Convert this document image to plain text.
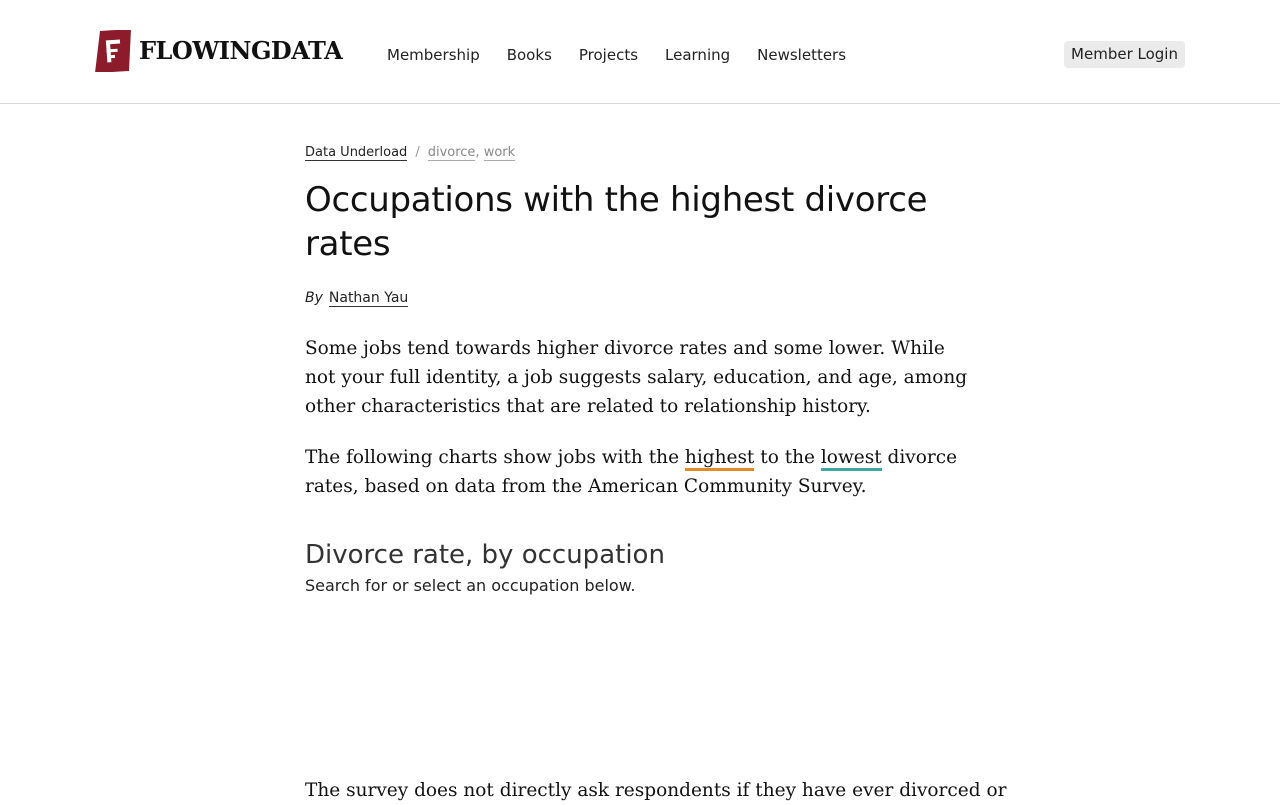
FLOWINGDATA	Membership Books Projects Learning Newsletters	Member Login
Data Underload / divorce, work
Occupations with the highest divorce rates
By Nathan Yau

Some jobs tend towards higher divorce rates and some lower. While not your full identity, a job suggests salary, education, and age, among other characteristics that are related to relationship history.

The following charts show jobs with the highest to the lowest divorce rates, based on data from the American Community Survey.

Divorce rate, by occupation

Search for or select an occupation below.

The survey does not directly ask respondents if they have ever divorced or
